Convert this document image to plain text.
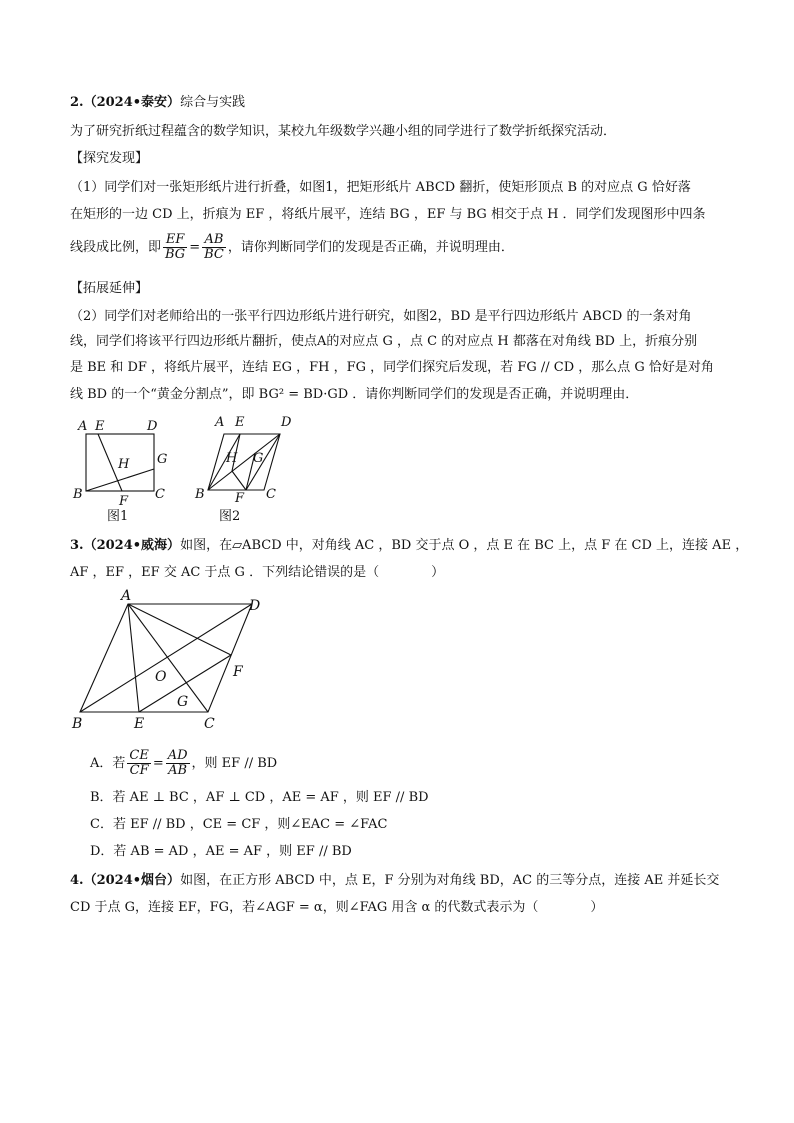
2.（2024•泰安）综合与实践
为了研究折纸过程蕴含的数学知识，某校九年级数学兴趣小组的同学进行了数学折纸探究活动．
【探究发现】
（1）同学们对一张矩形纸片进行折叠，如图1，把矩形纸片 ABCD 翻折，使矩形顶点 B 的对应点 G 恰好落
在矩形的一边 CD 上，折痕为 EF ，将纸片展平，连结 BG ，EF 与 BG 相交于点 H ．同学们发现图形中四条
线段成比例，即 $\frac{EF}{BG} = \frac{AB}{BC}$ ，请你判断同学们的发现是否正确，并说明理由．
【拓展延伸】
（2）同学们对老师给出的一张平行四边形纸片进行研究，如图2，BD 是平行四边形纸片 ABCD 的一条对角
线，同学们将该平行四边形纸片翻折，使点A的对应点 G ，点 C 的对应点 H 都落在对角线 BD 上，折痕分别
是 BE 和 DF ，将纸片展平，连结 EG ，FH ，FG ，同学们探究后发现，若 FG // CD ，那么点 G 恰好是对角
线 BD 的一个“黄金分割点”，即 BG² = BD·GD ．请你判断同学们的发现是否正确，并说明理由．
A E	D
H G
B	F C
图1
A E	D
H G
B F C
图2
3.（2024•威海）如图，在▱ABCD 中，对角线 AC ，BD 交于点 O ，点 E 在 BC 上，点 F 在 CD 上，连接 AE ，
AF ，EF ，EF 交 AC 于点 G ．下列结论错误的是（　　　　）
A
D
F
O
G
B	E	C
A．若 $\frac{CE}{CF} = \frac{AD}{AB}$ ，则 EF // BD
B．若 AE ⊥ BC ，AF ⊥ CD ，AE = AF ，则 EF // BD
C．若 EF // BD ，CE = CF ，则∠EAC = ∠FAC
D．若 AB = AD ，AE = AF ，则 EF // BD
4.（2024•烟台）如图，在正方形 ABCD 中，点 E，F 分别为对角线 BD，AC 的三等分点，连接 AE 并延长交
CD 于点 G，连接 EF，FG，若∠AGF = α，则∠FAG 用含 α 的代数式表示为（　　　　）
